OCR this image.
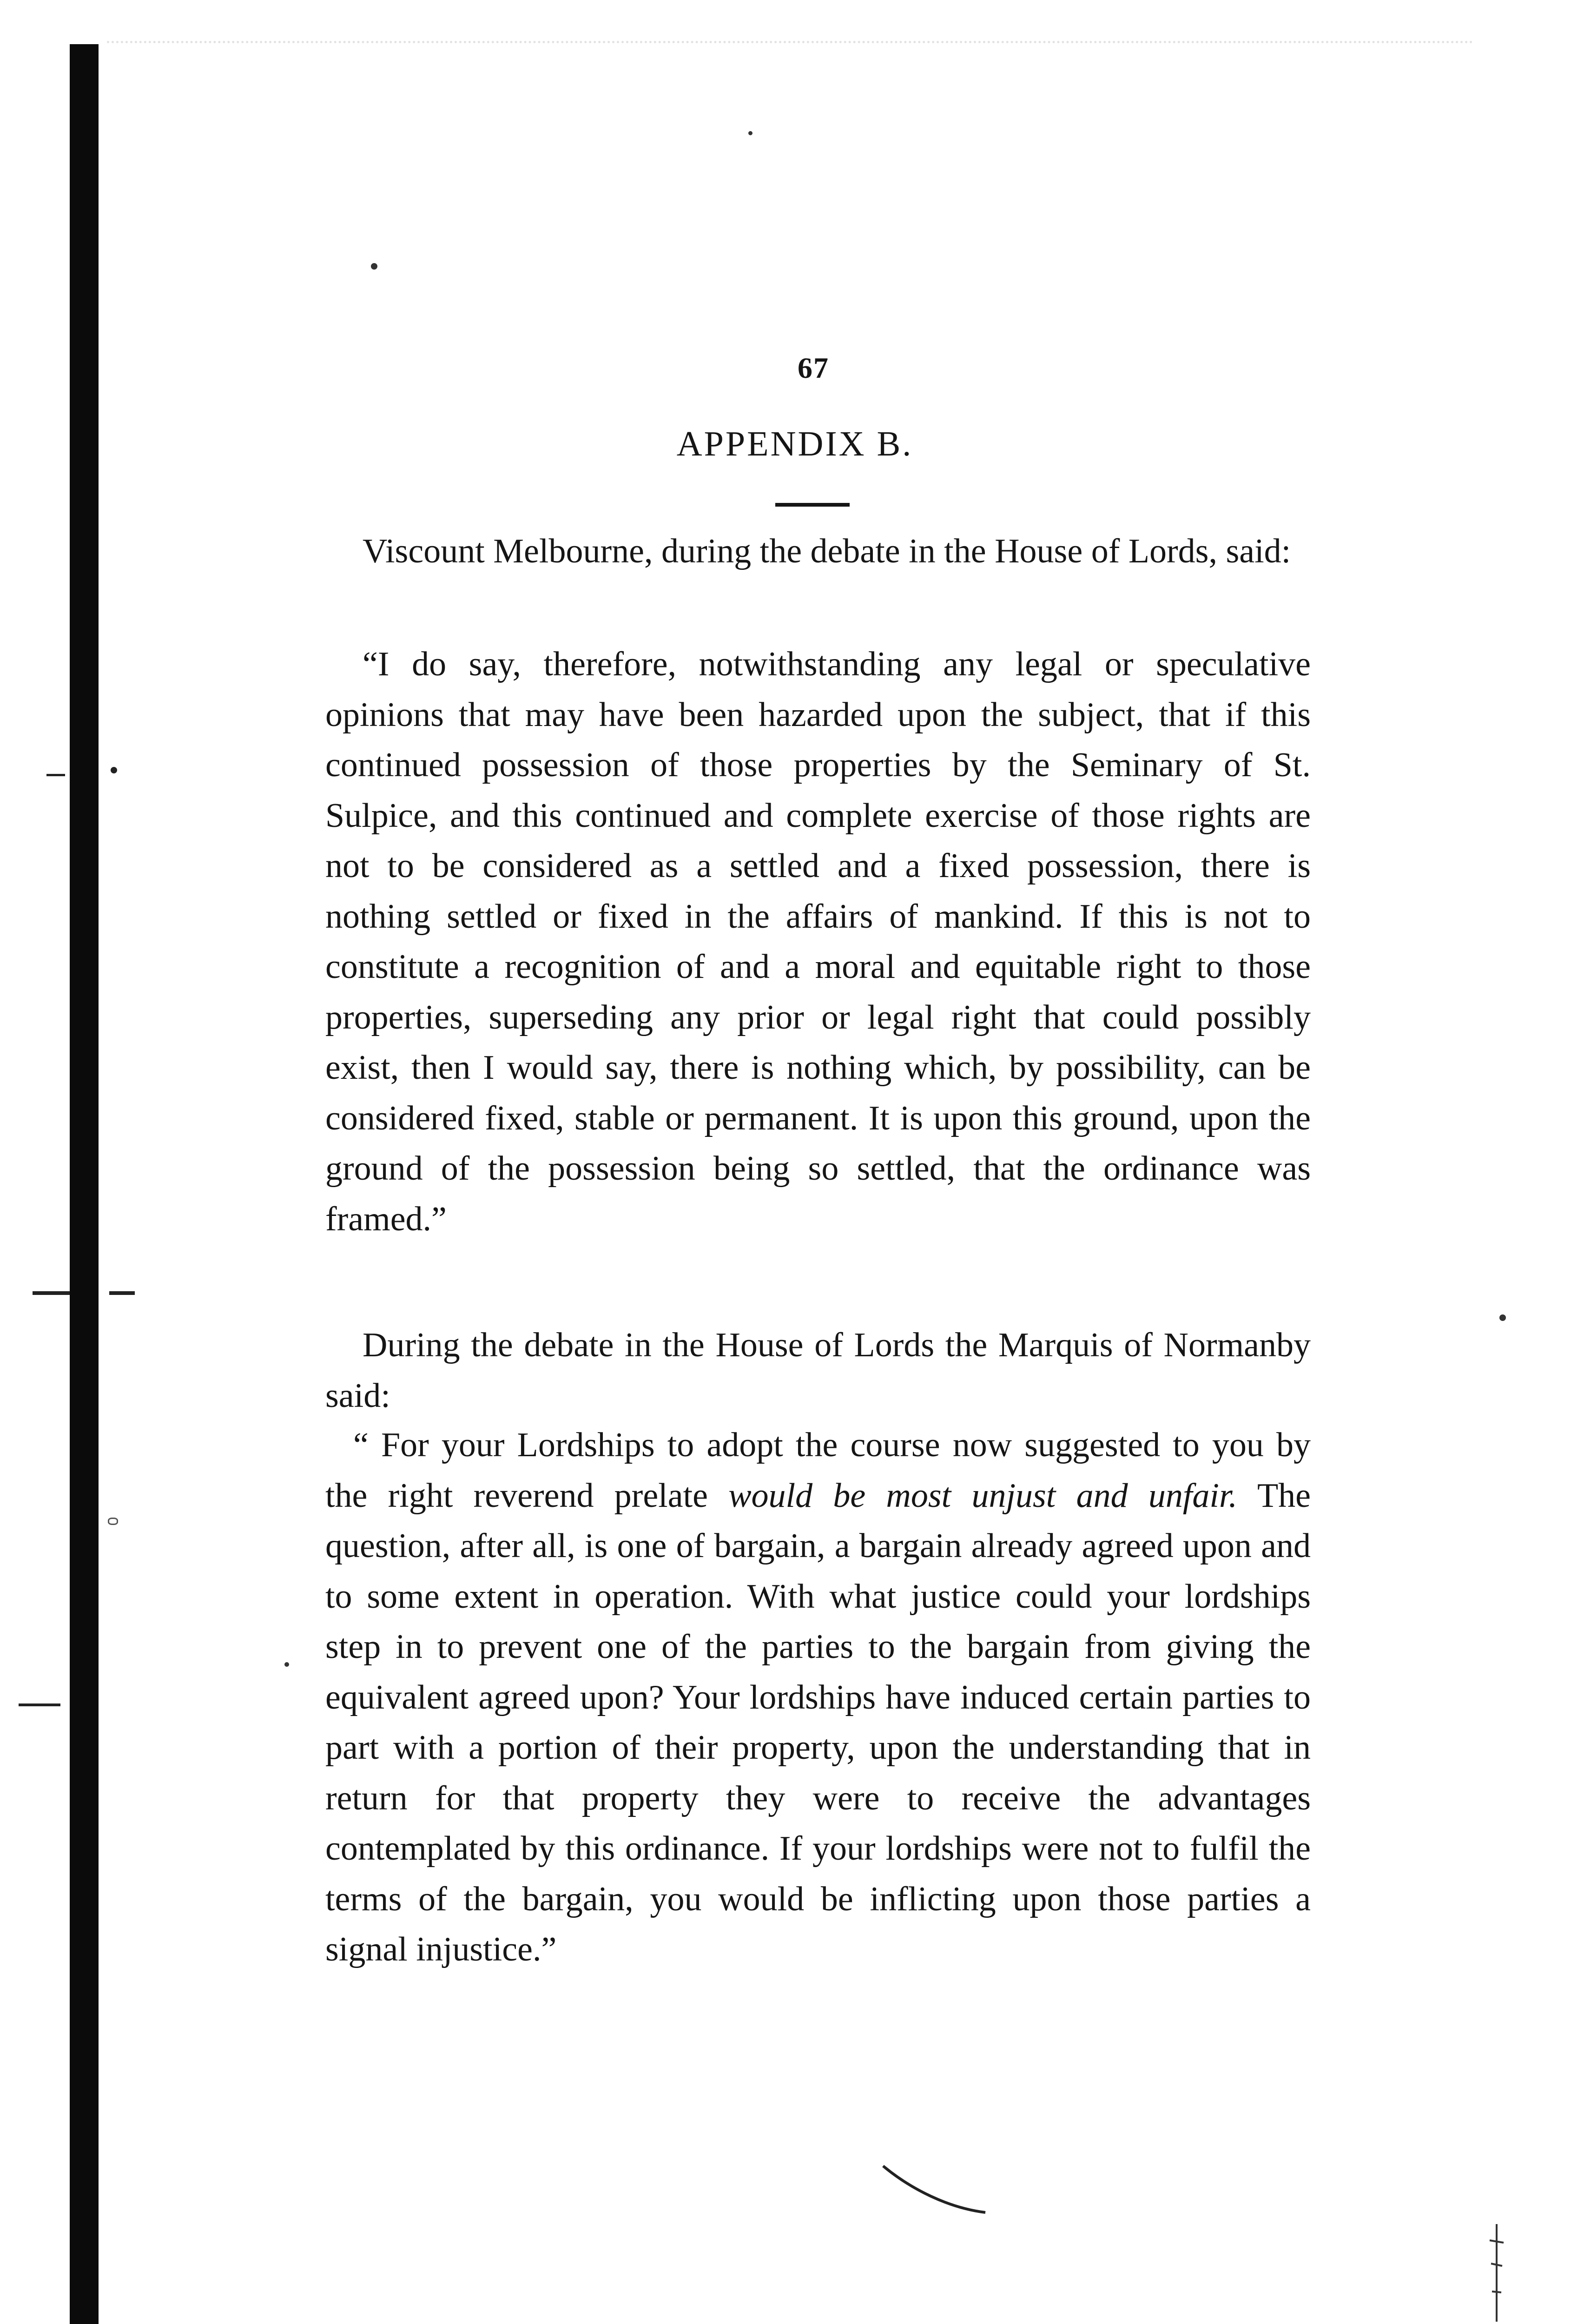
67
APPENDIX B.

Viscount Melbourne, during the debate in the House of Lords, said:

“I do say, therefore, notwithstanding any legal or speculative opinions that may have been hazarded upon the subject, that if this continued possession of those properties by the Seminary of St. Sulpice, and this continued and complete exercise of those rights are not to be considered as a settled and a fixed possession, there is nothing settled or fixed in the affairs of mankind. If this is not to constitute a recognition of and a moral and equitable right to those properties, superseding any prior or legal right that could possibly exist, then I would say, there is nothing which, by possibility, can be considered fixed, stable or permanent. It is upon this ground, upon the ground of the possession being so settled, that the ordinance was framed.”

During the debate in the House of Lords the Marquis of Normanby said:

“ For your Lordships to adopt the course now suggested to you by the right reverend prelate would be most unjust and unfair. The question, after all, is one of bargain, a bargain already agreed upon and to some extent in operation. With what justice could your lordships step in to prevent one of the parties to the bargain from giving the equivalent agreed upon? Your lordships have induced certain parties to part with a portion of their property, upon the understanding that in return for that property they were to receive the advantages contemplated by this ordinance. If your lordships were not to fulfil the terms of the bargain, you would be inflicting upon those parties a signal injustice.”
